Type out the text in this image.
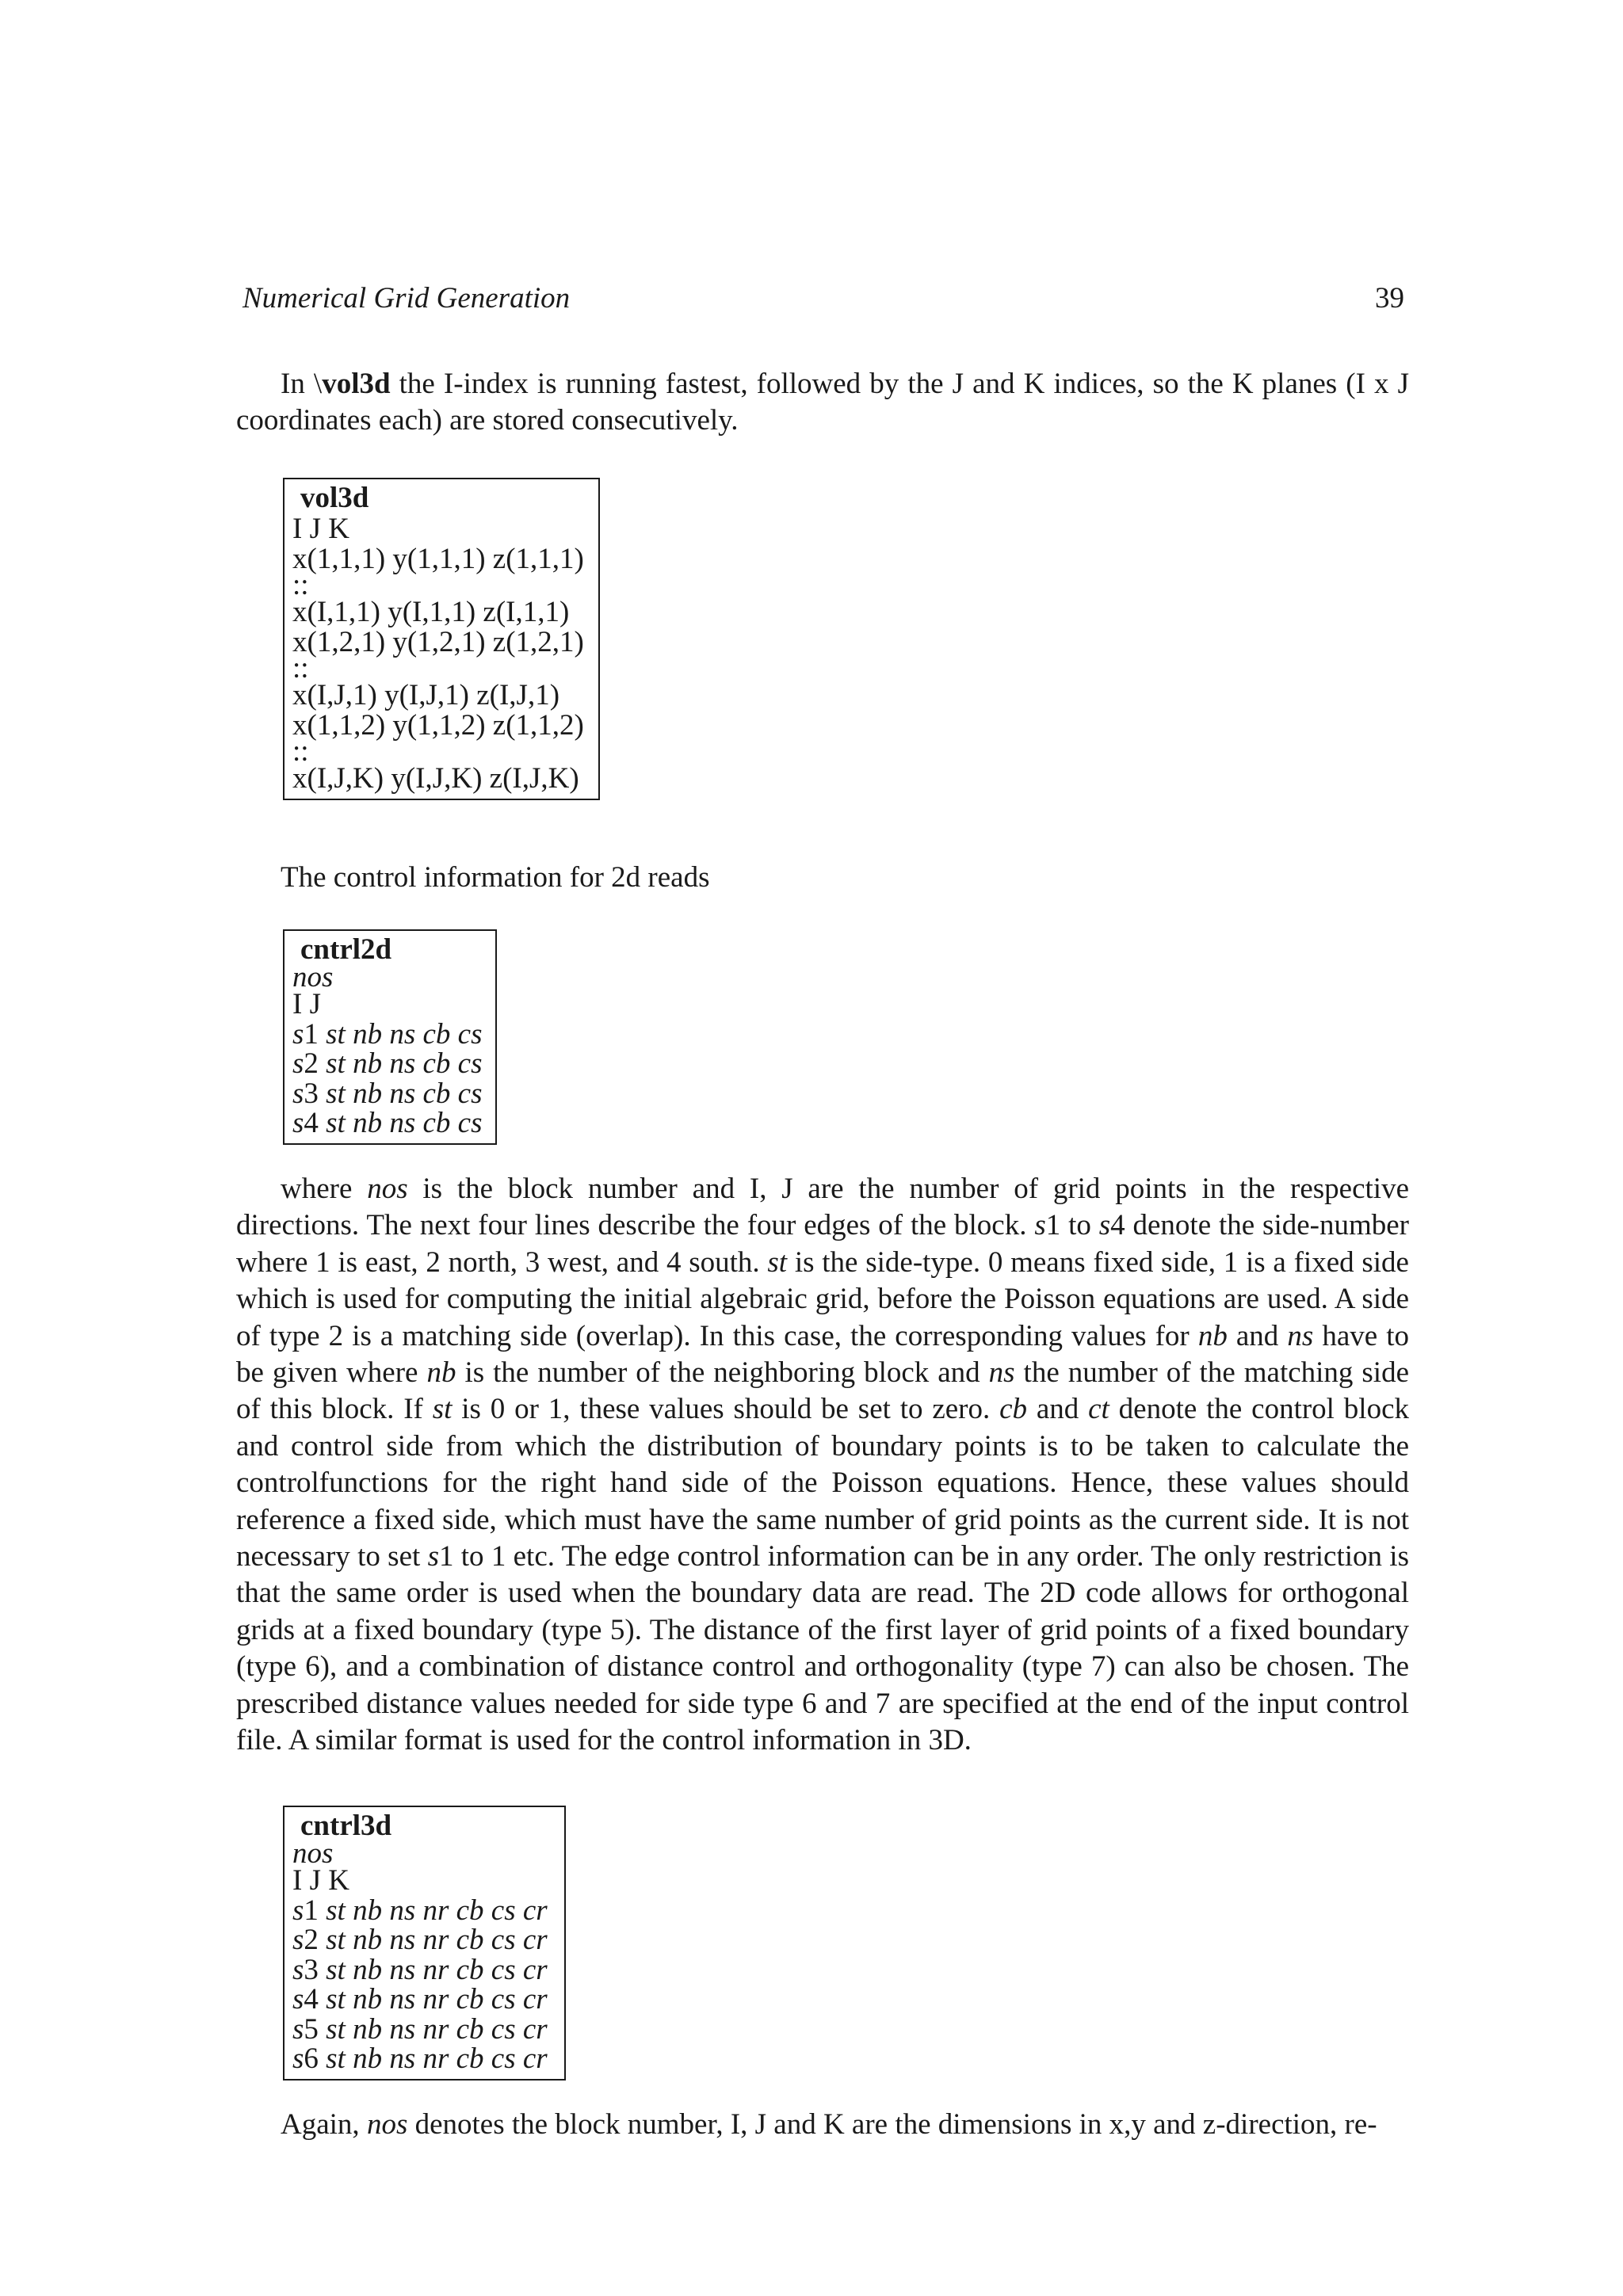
Numerical Grid Generation	39

In \vol3d the I-index is running fastest, followed by the J and K indices, so the K planes (I x J coordinates each) are stored consecutively.

vol3d
I J K
x(1,1,1) y(1,1,1) z(1,1,1)
::
x(I,1,1) y(I,1,1) z(I,1,1)
x(1,2,1) y(1,2,1) z(1,2,1)
::
x(I,J,1) y(I,J,1) z(I,J,1)
x(1,1,2) y(1,1,2) z(1,1,2)
::
x(I,J,K) y(I,J,K) z(I,J,K)

The control information for 2d reads

cntrl2d
nos
I J
s1 st nb ns cb cs
s2 st nb ns cb cs
s3 st nb ns cb cs
s4 st nb ns cb cs

where nos is the block number and I, J are the number of grid points in the respective directions. The next four lines describe the four edges of the block. s1 to s4 denote the side-number where 1 is east, 2 north, 3 west, and 4 south. st is the side-type. 0 means fixed side, 1 is a fixed side which is used for computing the initial algebraic grid, before the Poisson equations are used. A side of type 2 is a matching side (overlap). In this case, the corresponding values for nb and ns have to be given where nb is the number of the neighboring block and ns the number of the matching side of this block. If st is 0 or 1, these values should be set to zero. cb and ct denote the control block and control side from which the distribution of boundary points is to be taken to calculate the controlfunctions for the right hand side of the Poisson equations. Hence, these values should reference a fixed side, which must have the same number of grid points as the current side. It is not necessary to set s1 to 1 etc. The edge control information can be in any order. The only restriction is that the same order is used when the boundary data are read. The 2D code allows for orthogonal grids at a fixed boundary (type 5). The distance of the first layer of grid points of a fixed boundary (type 6), and a combination of distance control and orthogonality (type 7) can also be chosen. The prescribed distance values needed for side type 6 and 7 are specified at the end of the input control file. A similar format is used for the control information in 3D.

cntrl3d
nos
I J K
s1 st nb ns nr cb cs cr
s2 st nb ns nr cb cs cr
s3 st nb ns nr cb cs cr
s4 st nb ns nr cb cs cr
s5 st nb ns nr cb cs cr
s6 st nb ns nr cb cs cr

Again, nos denotes the block number, I, J and K are the dimensions in x,y and z-direction, re-
